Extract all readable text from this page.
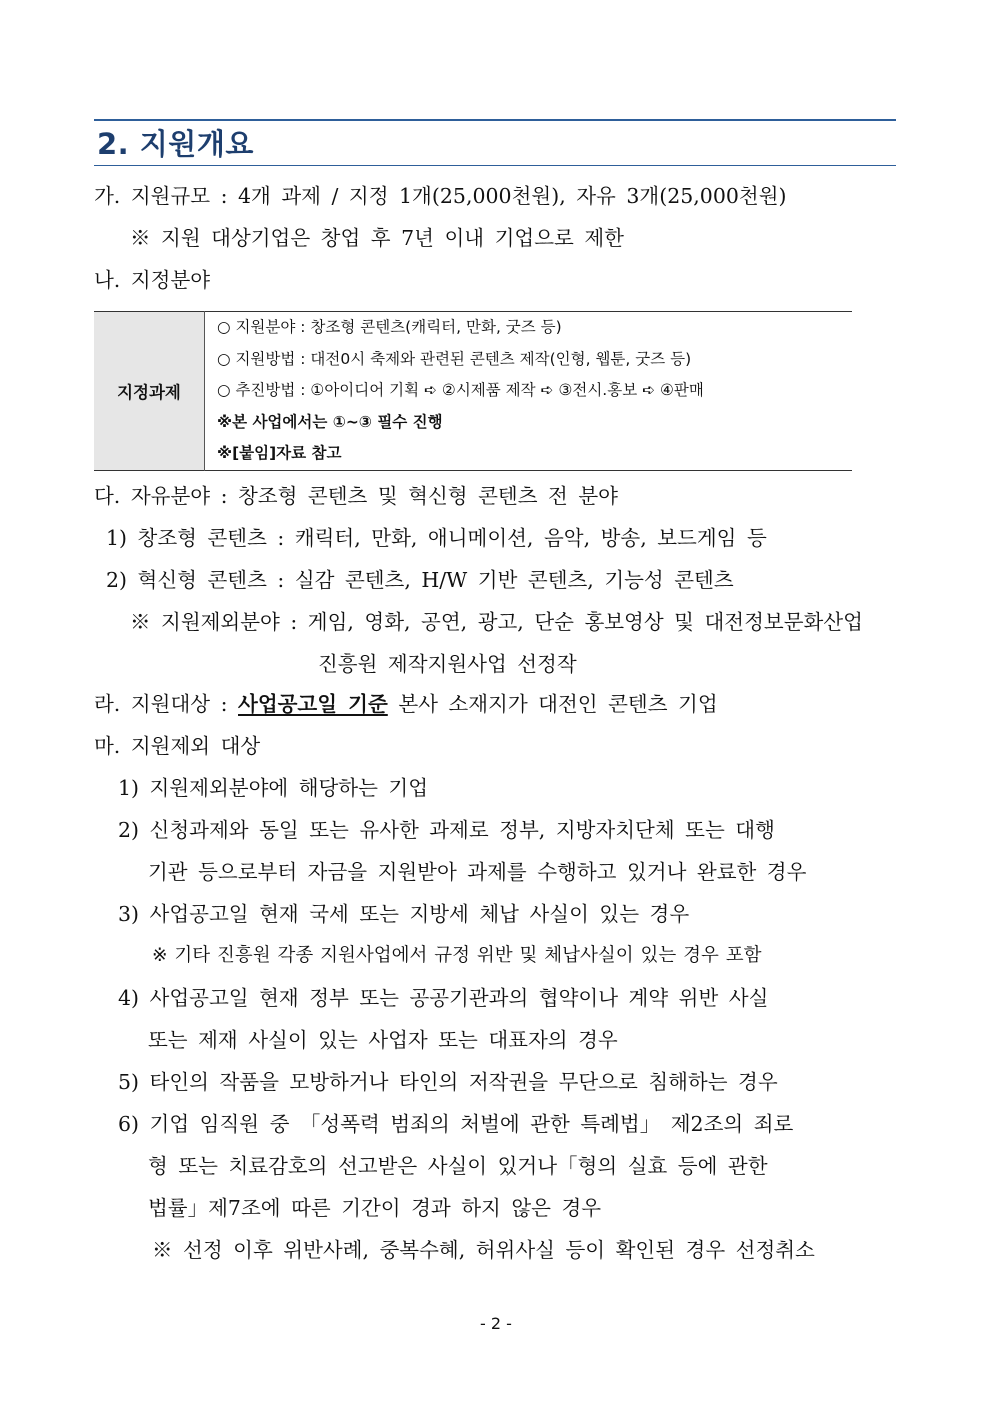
2. 지원개요
가. 지원규모 : 4개 과제 / 지정 1개(25,000천원), 자유 3개(25,000천원)
※ 지원 대상기업은 창업 후 7년 이내 기업으로 제한
나. 지정분야
지정과제	
○ 지원분야 : 창조형 콘텐츠(캐릭터, 만화, 굿즈 등)
○ 지원방법 : 대전0시 축제와 관련된 콘텐츠 제작(인형, 웹툰, 굿즈 등)
○ 추진방법 : ①아이디어 기획 ➪ ②시제품 제작 ➪ ③전시.홍보 ➪ ④판매
※본 사업에서는 ①~③ 필수 진행
※[붙임]자료 참고
다. 자유분야 : 창조형 콘텐츠 및 혁신형 콘텐츠 전 분야
1) 창조형 콘텐츠 : 캐릭터, 만화, 애니메이션, 음악, 방송, 보드게임 등
2) 혁신형 콘텐츠 : 실감 콘텐츠, H/W 기반 콘텐츠, 기능성 콘텐츠
※ 지원제외분야 : 게임, 영화, 공연, 광고, 단순 홍보영상 및 대전정보문화산업
진흥원 제작지원사업 선정작
라. 지원대상 : 사업공고일 기준 본사 소재지가 대전인 콘텐츠 기업
마. 지원제외 대상
1) 지원제외분야에 해당하는 기업
2) 신청과제와 동일 또는 유사한 과제로 정부, 지방자치단체 또는 대행
기관 등으로부터 자금을 지원받아 과제를 수행하고 있거나 완료한 경우
3) 사업공고일 현재 국세 또는 지방세 체납 사실이 있는 경우
※ 기타 진흥원 각종 지원사업에서 규정 위반 및 체납사실이 있는 경우 포함
4) 사업공고일 현재 정부 또는 공공기관과의 협약이나 계약 위반 사실
또는 제재 사실이 있는 사업자 또는 대표자의 경우
5) 타인의 작품을 모방하거나 타인의 저작권을 무단으로 침해하는 경우
6) 기업 임직원 중 「성폭력 범죄의 처벌에 관한 특례법」 제2조의 죄로
형 또는 치료감호의 선고받은 사실이 있거나「형의 실효 등에 관한
법률」제7조에 따른 기간이 경과 하지 않은 경우
※ 선정 이후 위반사례, 중복수혜, 허위사실 등이 확인된 경우 선정취소
- 2 -
